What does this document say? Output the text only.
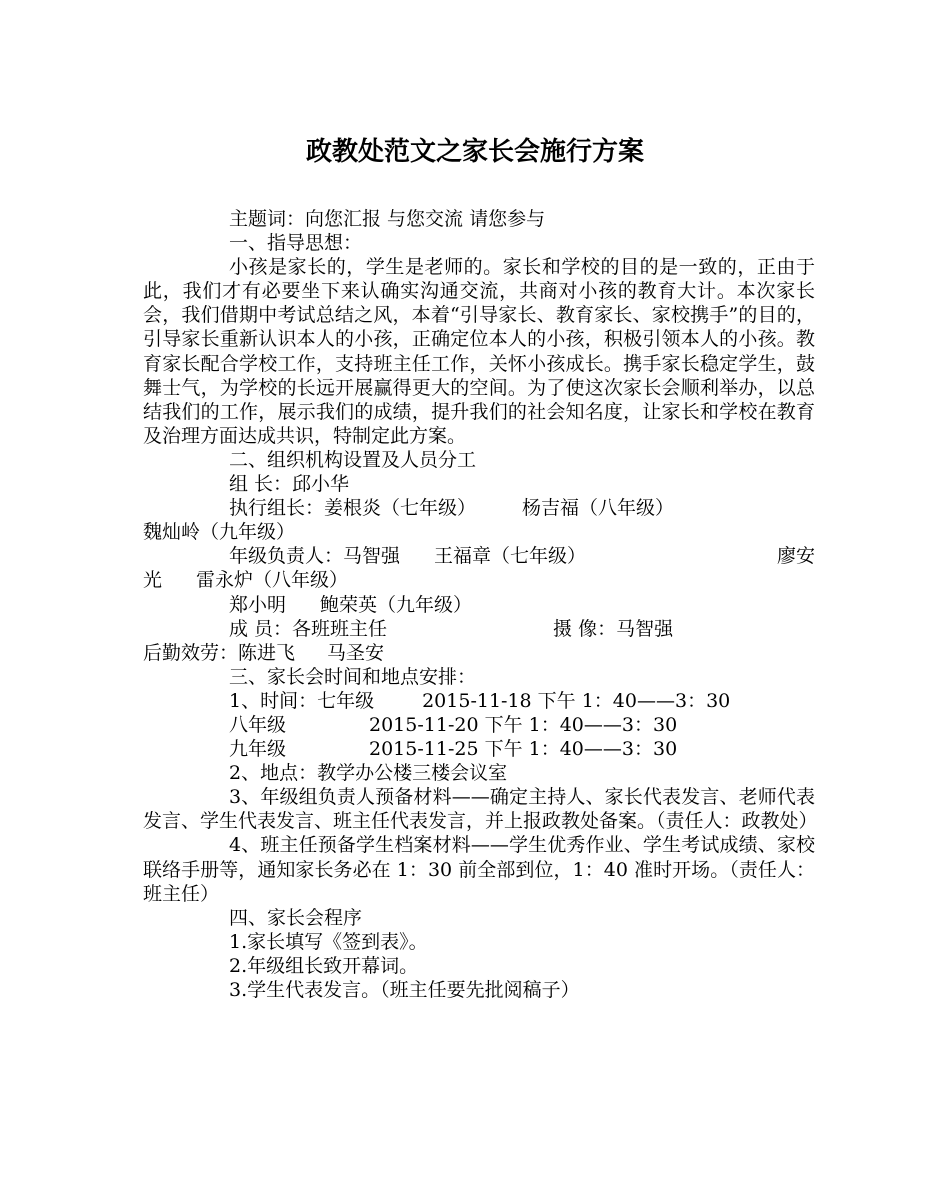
政教处范文之家长会施行方案

主题词：向您汇报 与您交流 请您参与

一、指导思想：

小孩是家长的，学生是老师的。家长和学校的目的是一致的，正由于此，我们才有必要坐下来认确实沟通交流，共商对小孩的教育大计。本次家长会，我们借期中考试总结之风，本着“引导家长、教育家长、家校携手”的目的，引导家长重新认识本人的小孩，正确定位本人的小孩，积极引领本人的小孩。教育家长配合学校工作，支持班主任工作，关怀小孩成长。携手家长稳定学生，鼓舞士气，为学校的长远开展赢得更大的空间。为了使这次家长会顺利举办，以总结我们的工作，展示我们的成绩，提升我们的社会知名度，让家长和学校在教育及治理方面达成共识，特制定此方案。

二、组织机构设置及人员分工

组 长：邱小华

执行组长：姜根炎（七年级） 杨吉福（八年级）

魏灿岭（九年级）

年级负责人：马智强 王福章（七年级）	廖安
光 雷永炉（八年级）
郑小明 鲍荣英（九年级）
成 员：各班班主任	摄 像：马智强
后勤效劳：陈进飞 马圣安

三、家长会时间和地点安排：

1、时间：七年级	2015-11-18 下午 1：40——3：30
八年级	2015-11-20 下午 1：40——3：30
九年级	2015-11-25 下午 1：40——3：30

2、地点：教学办公楼三楼会议室

3、年级组负责人预备材料——确定主持人、家长代表发言、老师代表发言、学生代表发言、班主任代表发言，并上报政教处备案。（责任人：政教处）

4、班主任预备学生档案材料——学生优秀作业、学生考试成绩、家校联络手册等，通知家长务必在 1：30 前全部到位，1：40 准时开场。（责任人：班主任）

四、家长会程序

1.家长填写《签到表》。

2.年级组长致开幕词。

3.学生代表发言。（班主任要先批阅稿子）
